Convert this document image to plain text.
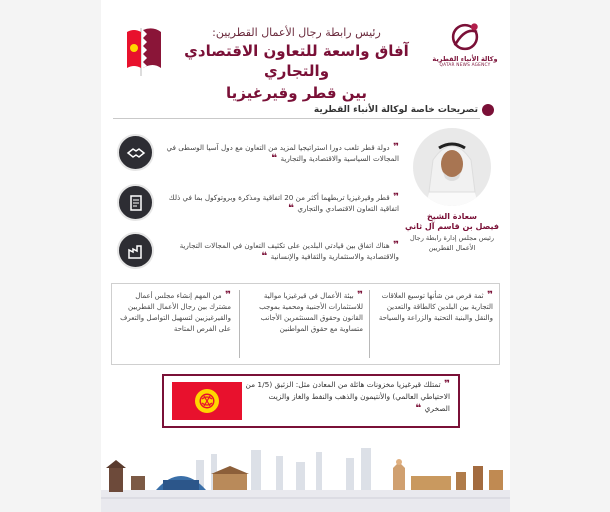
وكالة الأنباء القطرية
QATAR NEWS AGENCY
رئيس رابطة رجال الأعمال القطريين:
آفاق واسعة للتعاون الاقتصادي والتجاري
بين قطر وقيرغيزيا
تصريحات خاصة لوكالة الأنباء القطرية
سعادة الشيخ
فيصل بن قاسم آل ثاني
رئيس مجلس إدارة رابطة رجال الأعمال القطريين
❞ دولة قطر تلعب دورا استراتيجيا لمزيد من التعاون مع دول آسيا الوسطى في المجالات السياسية والاقتصادية والتجارية ❝
❞ قطر وقيرغيزيا تربطهما أكثر من 20 اتفاقية ومذكرة وبروتوكول بما في ذلك اتفاقية التعاون الاقتصادي والتجاري ❝
❞ هناك اتفاق بين قيادتي البلدين على تكثيف التعاون في المجالات التجارية والاقتصادية والاستثمارية والثقافية والإنسانية ❝
❞ ثمة فرص من شأنها توسيع العلاقات التجارية بين البلدين كالطاقة والتعدين والنقل والبنية التحتية والزراعة والسياحة
❞ بيئة الأعمال في قيرغيزيا موالية للاستثمارات الأجنبية ومحمية بموجب القانون وحقوق المستثمرين الأجانب متساوية مع حقوق المواطنين
❞ من المهم إنشاء مجلس أعمال مشترك بين رجال الأعمال القطريين والقيرغيزيين لتسهيل التواصل والتعرف على الفرص المتاحة
❞ تمتلك قيرغيزيا مخزونات هائلة من المعادن مثل: الزئبق (1/5 من الاحتياطي العالمي) والأنتيمون والذهب والنفط والغاز والزيت الصخري ❝
